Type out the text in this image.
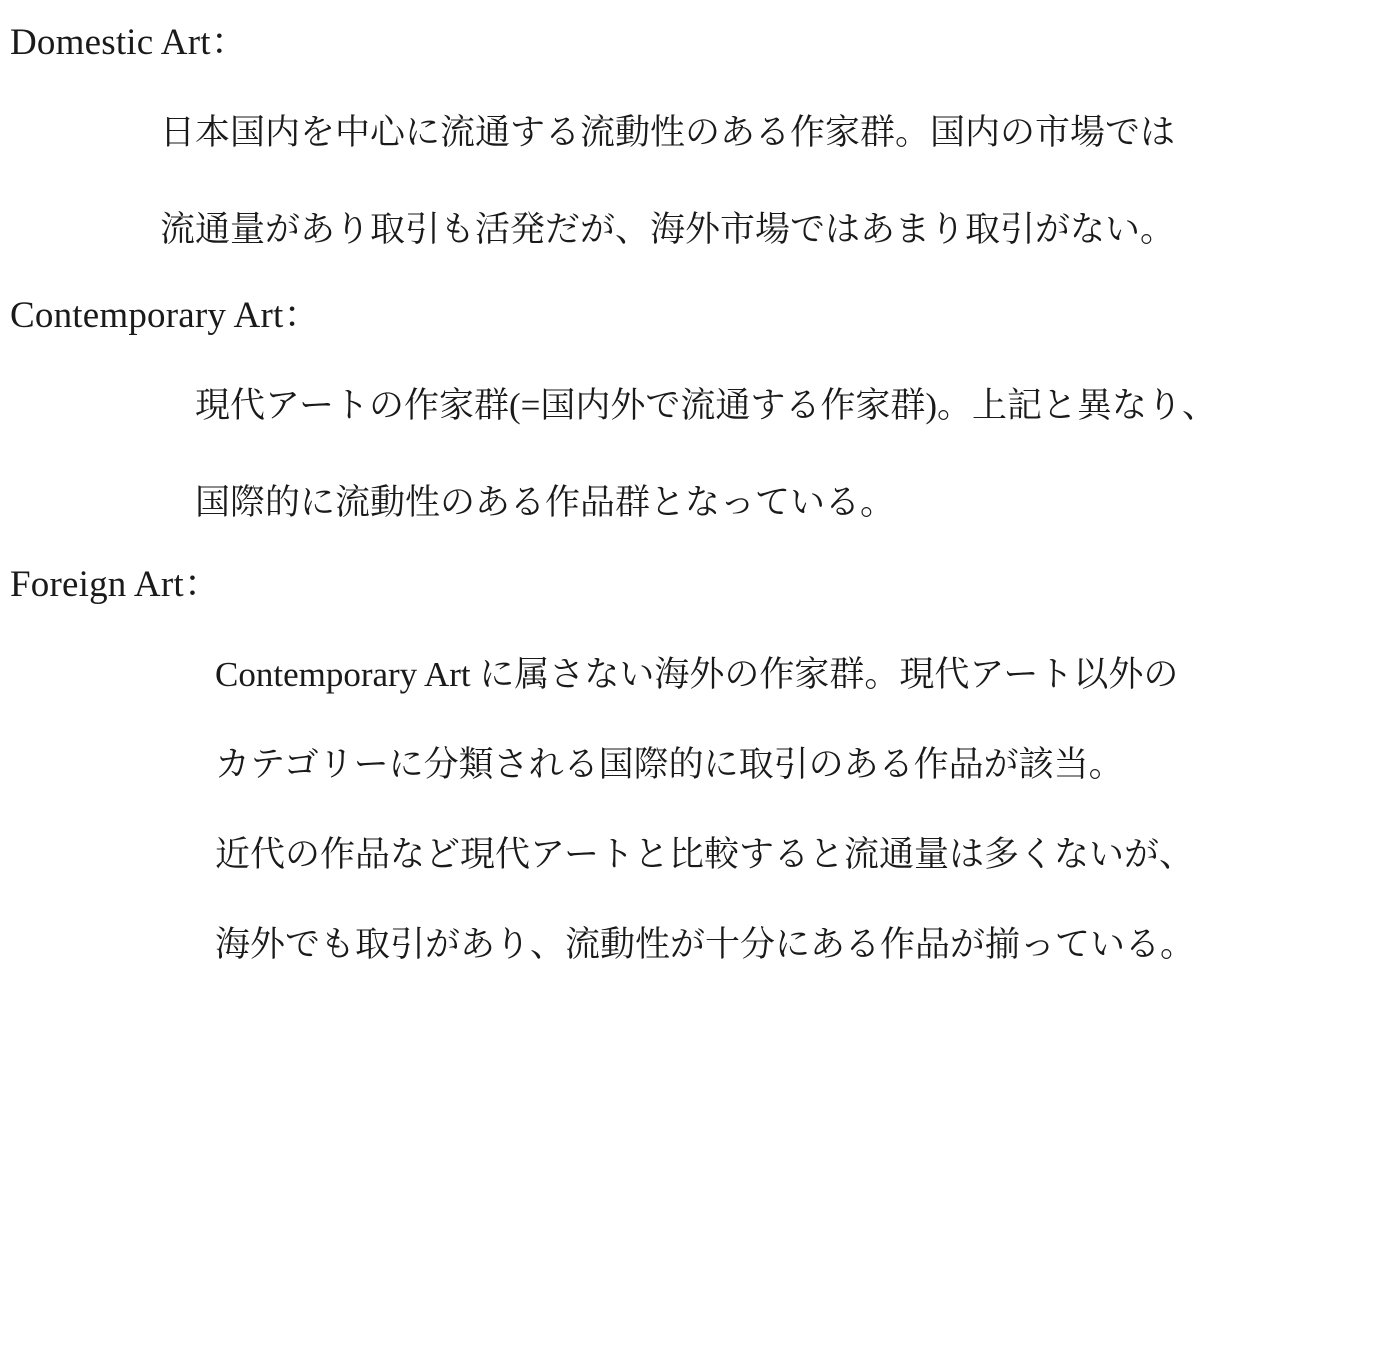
Domestic Art：
日本国内を中心に流通する流動性のある作家群。国内の市場では
流通量があり取引も活発だが、海外市場ではあまり取引がない。
Contemporary Art：
現代アートの作家群(=国内外で流通する作家群)。上記と異なり、
国際的に流動性のある作品群となっている。
Foreign Art：
Contemporary Art に属さない海外の作家群。現代アート以外の
カテゴリーに分類される国際的に取引のある作品が該当。
近代の作品など現代アートと比較すると流通量は多くないが、
海外でも取引があり、流動性が十分にある作品が揃っている。
